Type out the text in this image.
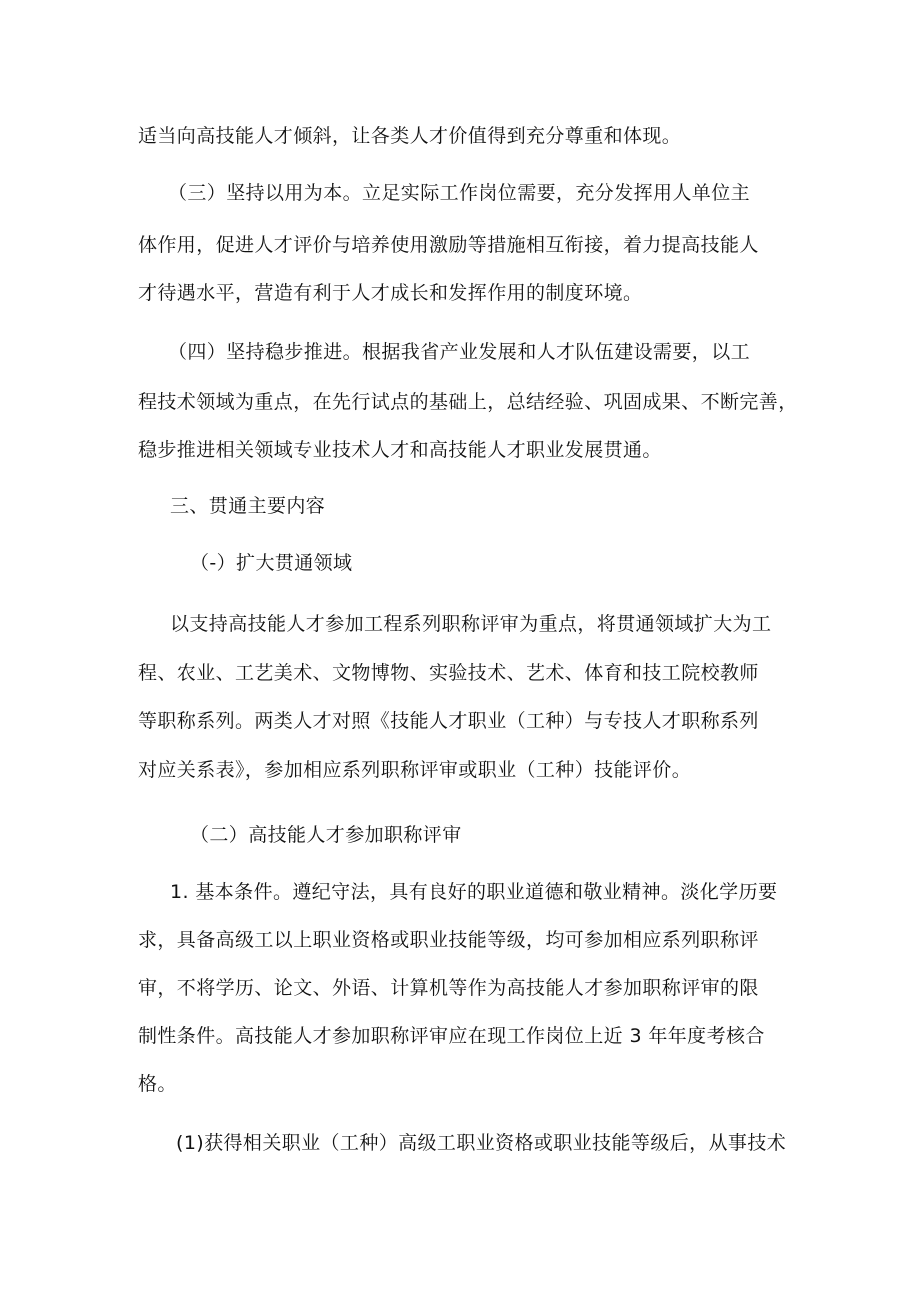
适当向高技能人才倾斜，让各类人才价值得到充分尊重和体现。
（三）坚持以用为本。立足实际工作岗位需要，充分发挥用人单位主
体作用，促进人才评价与培养使用激励等措施相互衔接，着力提高技能人
才待遇水平，营造有利于人才成长和发挥作用的制度环境。
（四）坚持稳步推进。根据我省产业发展和人才队伍建设需要，以工
程技术领域为重点，在先行试点的基础上，总结经验、巩固成果、不断完善，
稳步推进相关领域专业技术人才和高技能人才职业发展贯通。
三、贯通主要内容
（-）扩大贯通领域
以支持高技能人才参加工程系列职称评审为重点，将贯通领域扩大为工
程、农业、工艺美术、文物博物、实验技术、艺术、体育和技工院校教师
等职称系列。两类人才对照《技能人才职业（工种）与专技人才职称系列
对应关系表》，参加相应系列职称评审或职业（工种）技能评价。
（二）高技能人才参加职称评审
1. 基本条件。遵纪守法，具有良好的职业道德和敬业精神。淡化学历要
求，具备高级工以上职业资格或职业技能等级，均可参加相应系列职称评
审，不将学历、论文、外语、计算机等作为高技能人才参加职称评审的限
制性条件。高技能人才参加职称评审应在现工作岗位上近 3 年年度考核合
格。
(1)获得相关职业（工种）高级工职业资格或职业技能等级后，从事技术
